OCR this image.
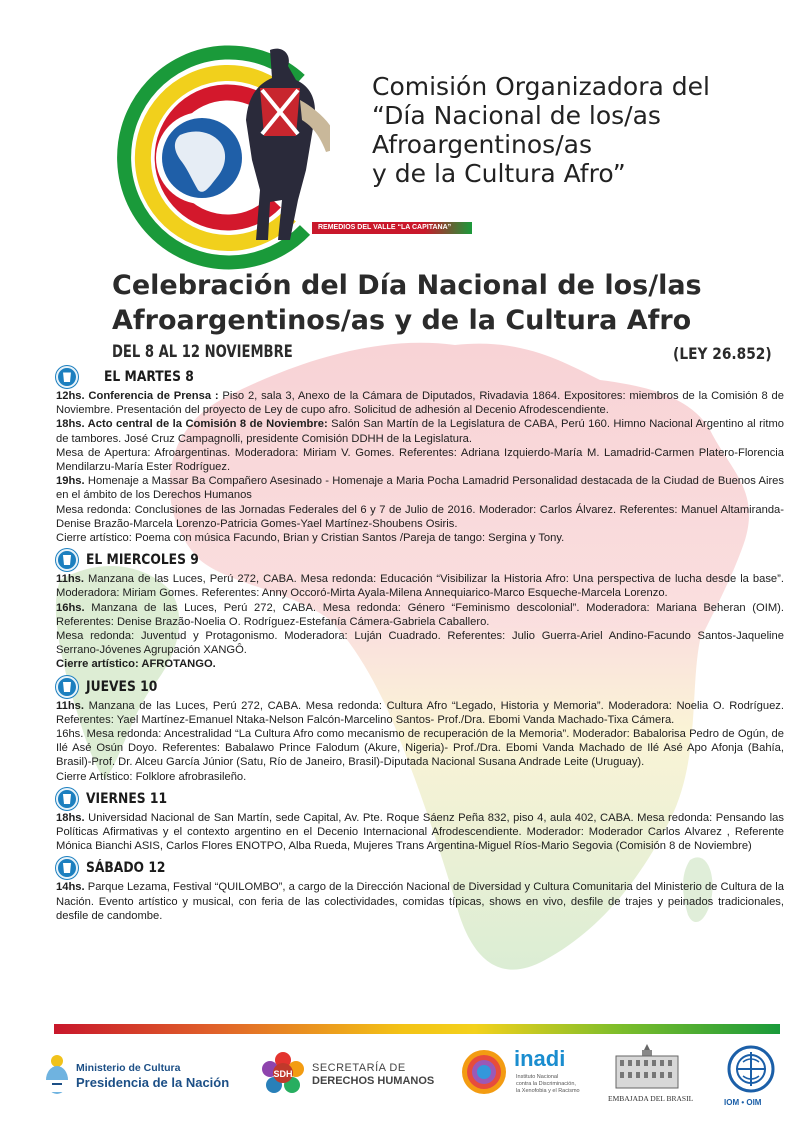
Comisión Organizadora del
“Día Nacional de los/as
Afroargentinos/as
y de la Cultura Afro”
REMEDIOS DEL VALLE “LA CAPITANA”
Celebración del Día Nacional de los/las
Afroargentinos/as y de la Cultura Afro
DEL 8 AL 12 NOVIEMBRE	(LEY 26.852)
EL MARTES 8

12hs. Conferencia de Prensa : Piso 2, sala 3, Anexo de la Cámara de Diputados, Rivadavia 1864. Expositores: miembros de la Comisión 8 de Noviembre. Presentación del proyecto de Ley de cupo afro. Solicitud de adhesión al Decenio Afrodescendiente.

18hs. Acto central de la Comisión 8 de Noviembre: Salón San Martín de la Legislatura de CABA, Perú 160. Himno Nacional Argentino al ritmo de tambores. José Cruz Campagnolli, presidente Comisión DDHH de la Legislatura.

Mesa de Apertura: Afroargentinas. Moderadora: Miriam V. Gomes. Referentes: Adriana Izquierdo-María M. Lamadrid-Carmen Platero-Florencia Mendilarzu-María Ester Rodríguez.

19hs. Homenaje a Massar Ba Compañero Asesinado - Homenaje a Maria Pocha Lamadrid Personalidad destacada de la Ciudad de Buenos Aires en el ámbito de los Derechos Humanos

Mesa redonda: Conclusiones de las Jornadas Federales del 6 y 7 de Julio de 2016. Moderador: Carlos Álvarez. Referentes: Manuel Altamiranda- Denise Brazão-Marcela Lorenzo-Patricia Gomes-Yael Martínez-Shoubens Osiris.

Cierre artístico: Poema con música Facundo, Brian y Cristian Santos /Pareja de tango: Sergina y Tony.

EL MIERCOLES 9

11hs. Manzana de las Luces, Perú 272, CABA. Mesa redonda: Educación “Visibilizar la Historia Afro: Una perspectiva de lucha desde la base”. Moderadora: Miriam Gomes. Referentes: Anny Occoró-Mirta Ayala-Milena Annequiarico-Marco Esqueche-Marcela Lorenzo.

16hs. Manzana de las Luces, Perú 272, CABA. Mesa redonda: Género “Feminismo descolonial”. Moderadora: Mariana Beheran (OIM). Referentes: Denise Brazão-Noelia O. Rodríguez-Estefanía Cámera-Gabriela Caballero.

Mesa redonda: Juventud y Protagonismo. Moderadora: Luján Cuadrado. Referentes: Julio Guerra-Ariel Andino-Facundo Santos-Jaqueline Serrano-Jóvenes Agrupación XANGÔ.

Cierre artístico: AFROTANGO.

JUEVES 10

11hs. Manzana de las Luces, Perú 272, CABA. Mesa redonda: Cultura Afro “Legado, Historia y Memoria”. Moderadora: Noelia O. Rodríguez. Referentes: Yael Martínez-Emanuel Ntaka-Nelson Falcón-Marcelino Santos- Prof./Dra. Ebomi Vanda Machado-Tixa Cámera.

16hs. Mesa redonda: Ancestralidad “La Cultura Afro como mecanismo de recuperación de la Memoria”. Moderador: Babalorisa Pedro de Ogún, de Ilé Asé Osún Doyo. Referentes: Babalawo Prince Falodum (Akure, Nigeria)- Prof./Dra. Ebomi Vanda Machado de Ilé Asé Apo Afonja (Bahía, Brasil)-Prof. Dr. Alceu García Júnior (Satu, Río de Janeiro, Brasil)-Diputada Nacional Susana Andrade Leite (Uruguay).

Cierre Artístico: Folklore afrobrasileño.

VIERNES 11

18hs. Universidad Nacional de San Martín, sede Capital, Av. Pte. Roque Sáenz Peña 832, piso 4, aula 402, CABA. Mesa redonda: Pensando las Políticas Afirmativas y el contexto argentino en el Decenio Internacional Afrodescendiente. Moderador: Moderador Carlos Alvarez , Referente Mónica Bianchi ASIS, Carlos Flores ENOTPO, Alba Rueda, Mujeres Trans Argentina-Miguel Ríos-Mario Segovia (Comisión 8 de Noviembre)

SÁBADO 12

14hs. Parque Lezama, Festival “QUILOMBO”, a cargo de la Dirección Nacional de Diversidad y Cultura Comunitaria del Ministerio de Cultura de la Nación. Evento artístico y musical, con feria de las colectividades, comidas típicas, shows en vivo, desfile de trajes y peinados tradicionales, desfile de candombe.

Ministerio de Cultura
Presidencia de la Nación
SDH SECRETARÍA DE
DERECHOS HUMANOS
inadi
Instituto Nacional
contra la Discriminación,
la Xenofobia y el Racismo
EMBAJADA DEL BRASIL	IOM • OIM
